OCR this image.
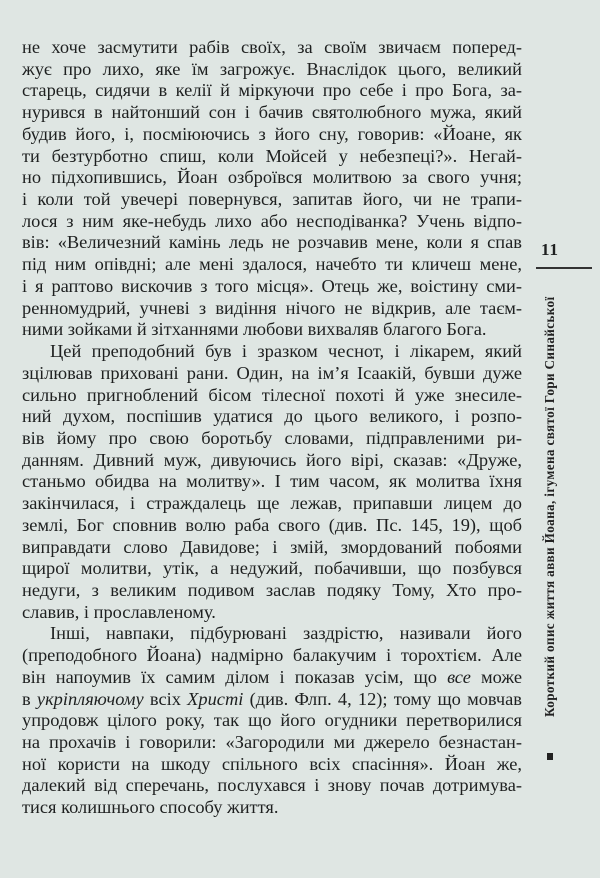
11
Короткий опис життя авви Йоана, ігумена святої Гори Синайської
не хоче засмутити рабів своїх, за своїм звичаєм поперед-
жує про лихо, яке їм загрожує. Внаслідок цього, великий
старець, сидячи в келії й міркуючи про себе і про Бога, за-
нурився в найтонший сон і бачив святолюбного мужа, який
будив його, і, посміюючись з його сну, говорив: «Йоане, як
ти безтурботно спиш, коли Мойсей у небезпеці?». Негай-
но підхопившись, Йоан озброївся молитвою за свого учня;
і коли той увечері повернувся, запитав його, чи не трапи-
лося з ним яке-небудь лихо або несподіванка? Учень відпо-
вів: «Величезний камінь ледь не розчавив мене, коли я спав
під ним опівдні; але мені здалося, начебто ти кличеш мене,
і я раптово вискочив з того місця». Отець же, воістину сми-
ренномудрий, учневі з видіння нічого не відкрив, але таєм-
ними зойками й зітханнями любови вихваляв благого Бога.
Цей преподобний був і зразком чеснот, і лікарем, який
зцілював приховані рани. Один, на ім’я Ісаакій, бувши дуже
сильно пригноблений бісом тілесної похоті й уже знесиле-
ний духом, поспішив удатися до цього великого, і розпо-
вів йому про свою боротьбу словами, підправленими ри-
данням. Дивний муж, дивуючись його вірі, сказав: «Друже,
станьмо обидва на молитву». І тим часом, як молитва їхня
закінчилася, і страждалець ще лежав, припавши лицем до
землі, Бог сповнив волю раба свого (див. Пс. 145, 19), щоб
виправдати слово Давидове; і змій, змордований побоями
щирої молитви, утік, а недужий, побачивши, що позбувся
недуги, з великим подивом заслав подяку Тому, Хто про-
славив, і прославленому.
Інші, навпаки, підбурювані заздрістю, називали його
(преподобного Йоана) надмірно балакучим і торохтієм. Але
він напоумив їх самим ділом і показав усім, що все може
в укріпляючому всіх Христі (див. Флп. 4, 12); тому що мовчав
упродовж цілого року, так що його огудники перетворилися
на прохачів і говорили: «Загородили ми джерело безнастан-
ної користи на шкоду спільного всіх спасіння». Йоан же,
далекий від сперечань, послухався і знову почав дотримува-
тися колишнього способу життя.
